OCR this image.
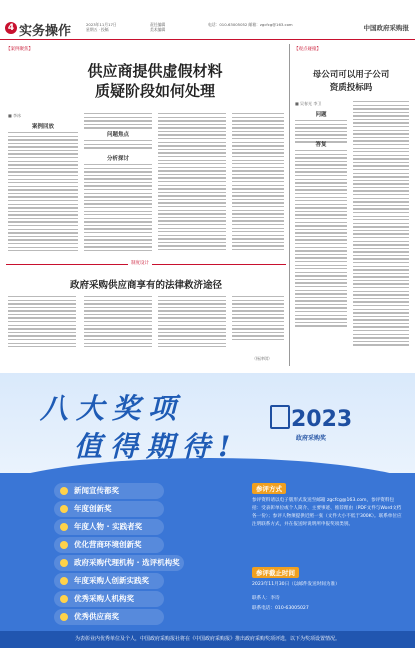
4 实务操作	2023年11月17日
星期五 · 投稿
责任编辑
美术编辑
电话：010-63005052 邮箱：zgcfcg@163.com	中国政府采购报
【案例聚焦】
供应商提供虚假材料
质疑阶段如何处理
■ 李冰
案例回放
问题焦点
分析探讨
【观点碰撞】
母公司可以用子公司
资质投标吗
■ 吴春光 李卫
问题
答复
制度设计
政府采购供应商享有的法律救济途径
（杨津琪）
八大奖项
值得期待!
2023
政府采购奖
新闻宣传都奖
年度创新奖
年度人物 · 实践者奖
优化营商环境创新奖
政府采购代理机构 · 选评机构奖
年度采购人创新实践奖
优秀采购人机构奖
优秀供应商奖
参评方式
参评资料请以电子版形式发送至邮箱 zgcfcg@163.com，参评资料包括：受表彰单位或个人简介、主要事迹、推荐理由（PDF文件与Word文档各一份）；参评人物须提供近照一张（文件大小不低于300K）。联系单位应注明联系方式，并在报送时说明所申报奖项类别。
参评截止时间
2023年11月30日（以邮件发送时间为准）
联系人：李诗
联系电话：010-63005027
为表彰业内优秀单位及个人，中国政府采购报社将在《中国政府采购报》推出政府采购奖项评选，以下为奖项设置情况。
